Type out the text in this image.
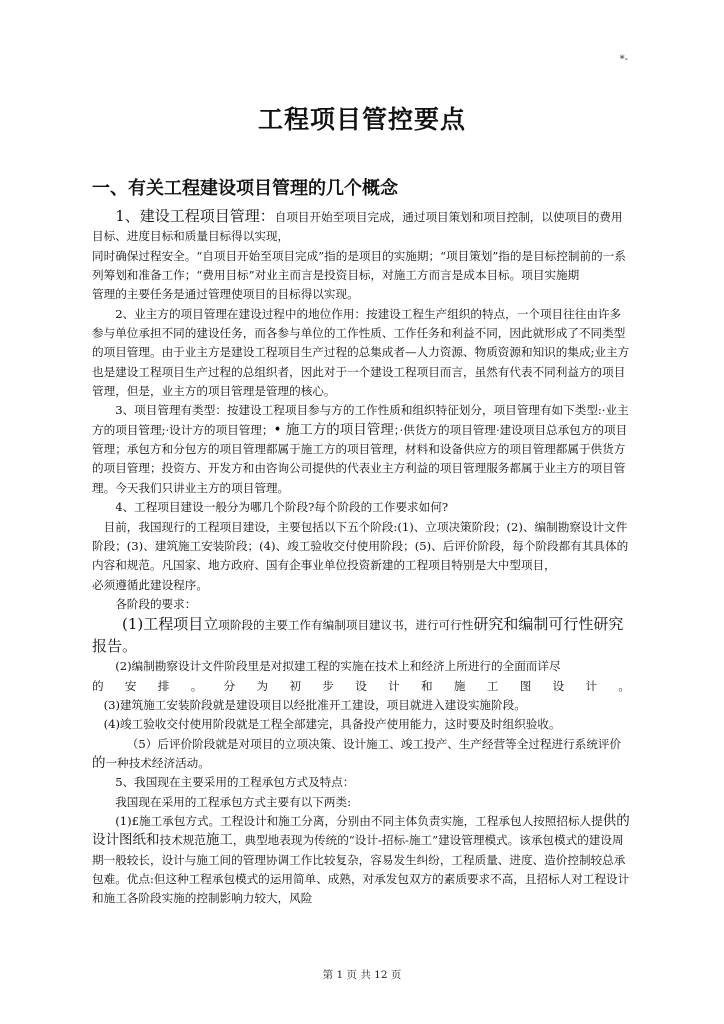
*-
工程项目管控要点
一、有关工程建设项目管理的几个概念

1、建设工程项目管理：自项目开始至项目完成，通过项目策划和项目控制，以使项目的费用目标、进度目标和质量目标得以实现，

同时确保过程安全。“自项目开始至项目完成”指的是项目的实施期；“项目策划”指的是目标控制前的一系列筹划和准备工作；“费用目标”对业主而言是投资目标，对施工方而言是成本目标。项目实施期

管理的主要任务是通过管理使项目的目标得以实现。

2、业主方的项目管理在建设过程中的地位作用：按建设工程生产组织的特点，一个项目往往由许多参与单位承担不同的建设任务，而各参与单位的工作性质、工作任务和利益不同，因此就形成了不同类型的项目管理。由于业主方是建设工程项目生产过程的总集成者—人力资源、物质资源和知识的集成;业主方也是建设工程项目生产过程的总组织者，因此对于一个建设工程项目而言，虽然有代表不同利益方的项目管理，但是，业主方的项目管理是管理的核心。

3、项目管理有类型：按建设工程项目参与方的工作性质和组织特征划分，项目管理有如下类型:·业主方的项目管理;·设计方的项目管理；• 施工方的项目管理；·供货方的项目管理·建设项目总承包方的项目管理；承包方和分包方的项目管理都属于施工方的项目管理，材料和设备供应方的项目管理都属于供货方的项目管理；投资方、开发方和由咨询公司提供的代表业主方利益的项目管理服务都属于业主方的项目管理。今天我们只讲业主方的项目管理。

4、工程项目建设一般分为哪几个阶段?每个阶段的工作要求如何?

目前，我国现行的工程项目建设，主要包括以下五个阶段:(1)、立项决策阶段；(2)、编制勘察设计文件阶段；(3)、建筑施工安装阶段；(4)、竣工验收交付使用阶段；(5)、后评价阶段，每个阶段都有其具体的内容和规范。凡国家、地方政府、国有企事业单位投资新建的工程项目特别是大中型项目，

必须遵循此建设程序。

各阶段的要求：

(1)工程项目立项阶段的主要工作有编制项目建议书，进行可行性研究和编制可行性研究报告。

(2)编制勘察设计文件阶段里是对拟建工程的实施在技术上和经济上所进行的全面而详尽

的安排。分为初步设计和施工图设计。

(3)建筑施工安装阶段就是建设项目以经批准开工建设，项目就进入建设实施阶段。

(4)竣工验收交付使用阶段就是工程全部建完，具备投产使用能力，这时要及时组织验收。

（5）后评价阶段就是对项目的立项决策、设计施工、竣工投产、生产经营等全过程进行系统评价的一种技术经济活动。

5、我国现在主要采用的工程承包方式及特点：

我国现在采用的工程承包方式主要有以下两类:

(1)£施工承包方式。工程设计和施工分离，分别由不同主体负责实施，工程承包人按照招标人提供的设计图纸和技术规范施工，典型地表现为传统的“设计-招标-施工”建设管理模式。该承包模式的建设周期一般较长，设计与施工间的管理协调工作比较复杂，容易发生纠纷，工程质量、进度、造价控制较总承包难。优点:但这种工程承包模式的运用简单、成熟，对承发包双方的素质要求不高，且招标人对工程设计和施工各阶段实施的控制影响力较大，风险

第 1 页 共 12 页
